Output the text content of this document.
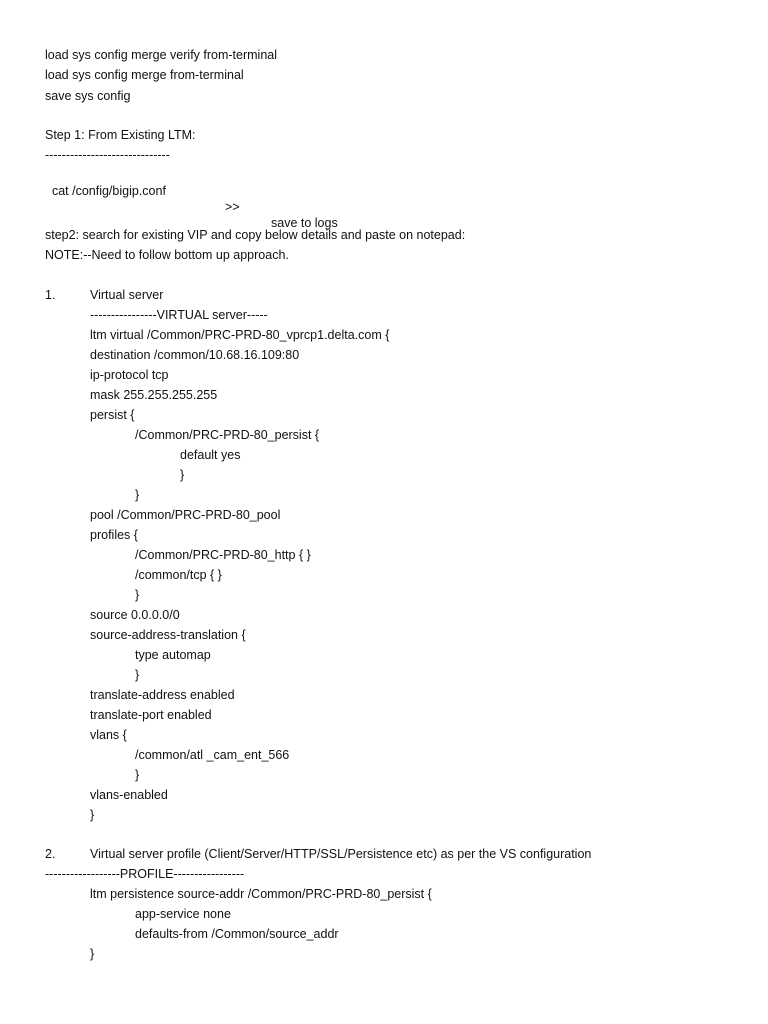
load sys config merge verify from-terminal
load sys config merge from-terminal
save sys config
Step 1: From Existing LTM:
------------------------------

cat /config/bigip.conf

>>

save to logs

step2: search for existing VIP and copy below details and paste on notepad:
NOTE:--Need to follow bottom up approach.
1.	Virtual server
----------------VIRTUAL server-----
ltm virtual /Common/PRC-PRD-80_vprcp1.delta.com {
destination /common/10.68.16.109:80
ip-protocol tcp
mask 255.255.255.255
persist {
/Common/PRC-PRD-80_persist {
default yes
}
}
pool /Common/PRC-PRD-80_pool
profiles {
/Common/PRC-PRD-80_http { }
/common/tcp { }
}
source 0.0.0.0/0
source-address-translation {
type automap
}
translate-address enabled
translate-port enabled
vlans {
/common/atl _cam_ent_566
}
vlans-enabled
}
2.	Virtual server profile (Client/Server/HTTP/SSL/Persistence etc) as per the VS configuration
------------------PROFILE-----------------
ltm persistence source-addr /Common/PRC-PRD-80_persist {
app-service none
defaults-from /Common/source_addr
}
